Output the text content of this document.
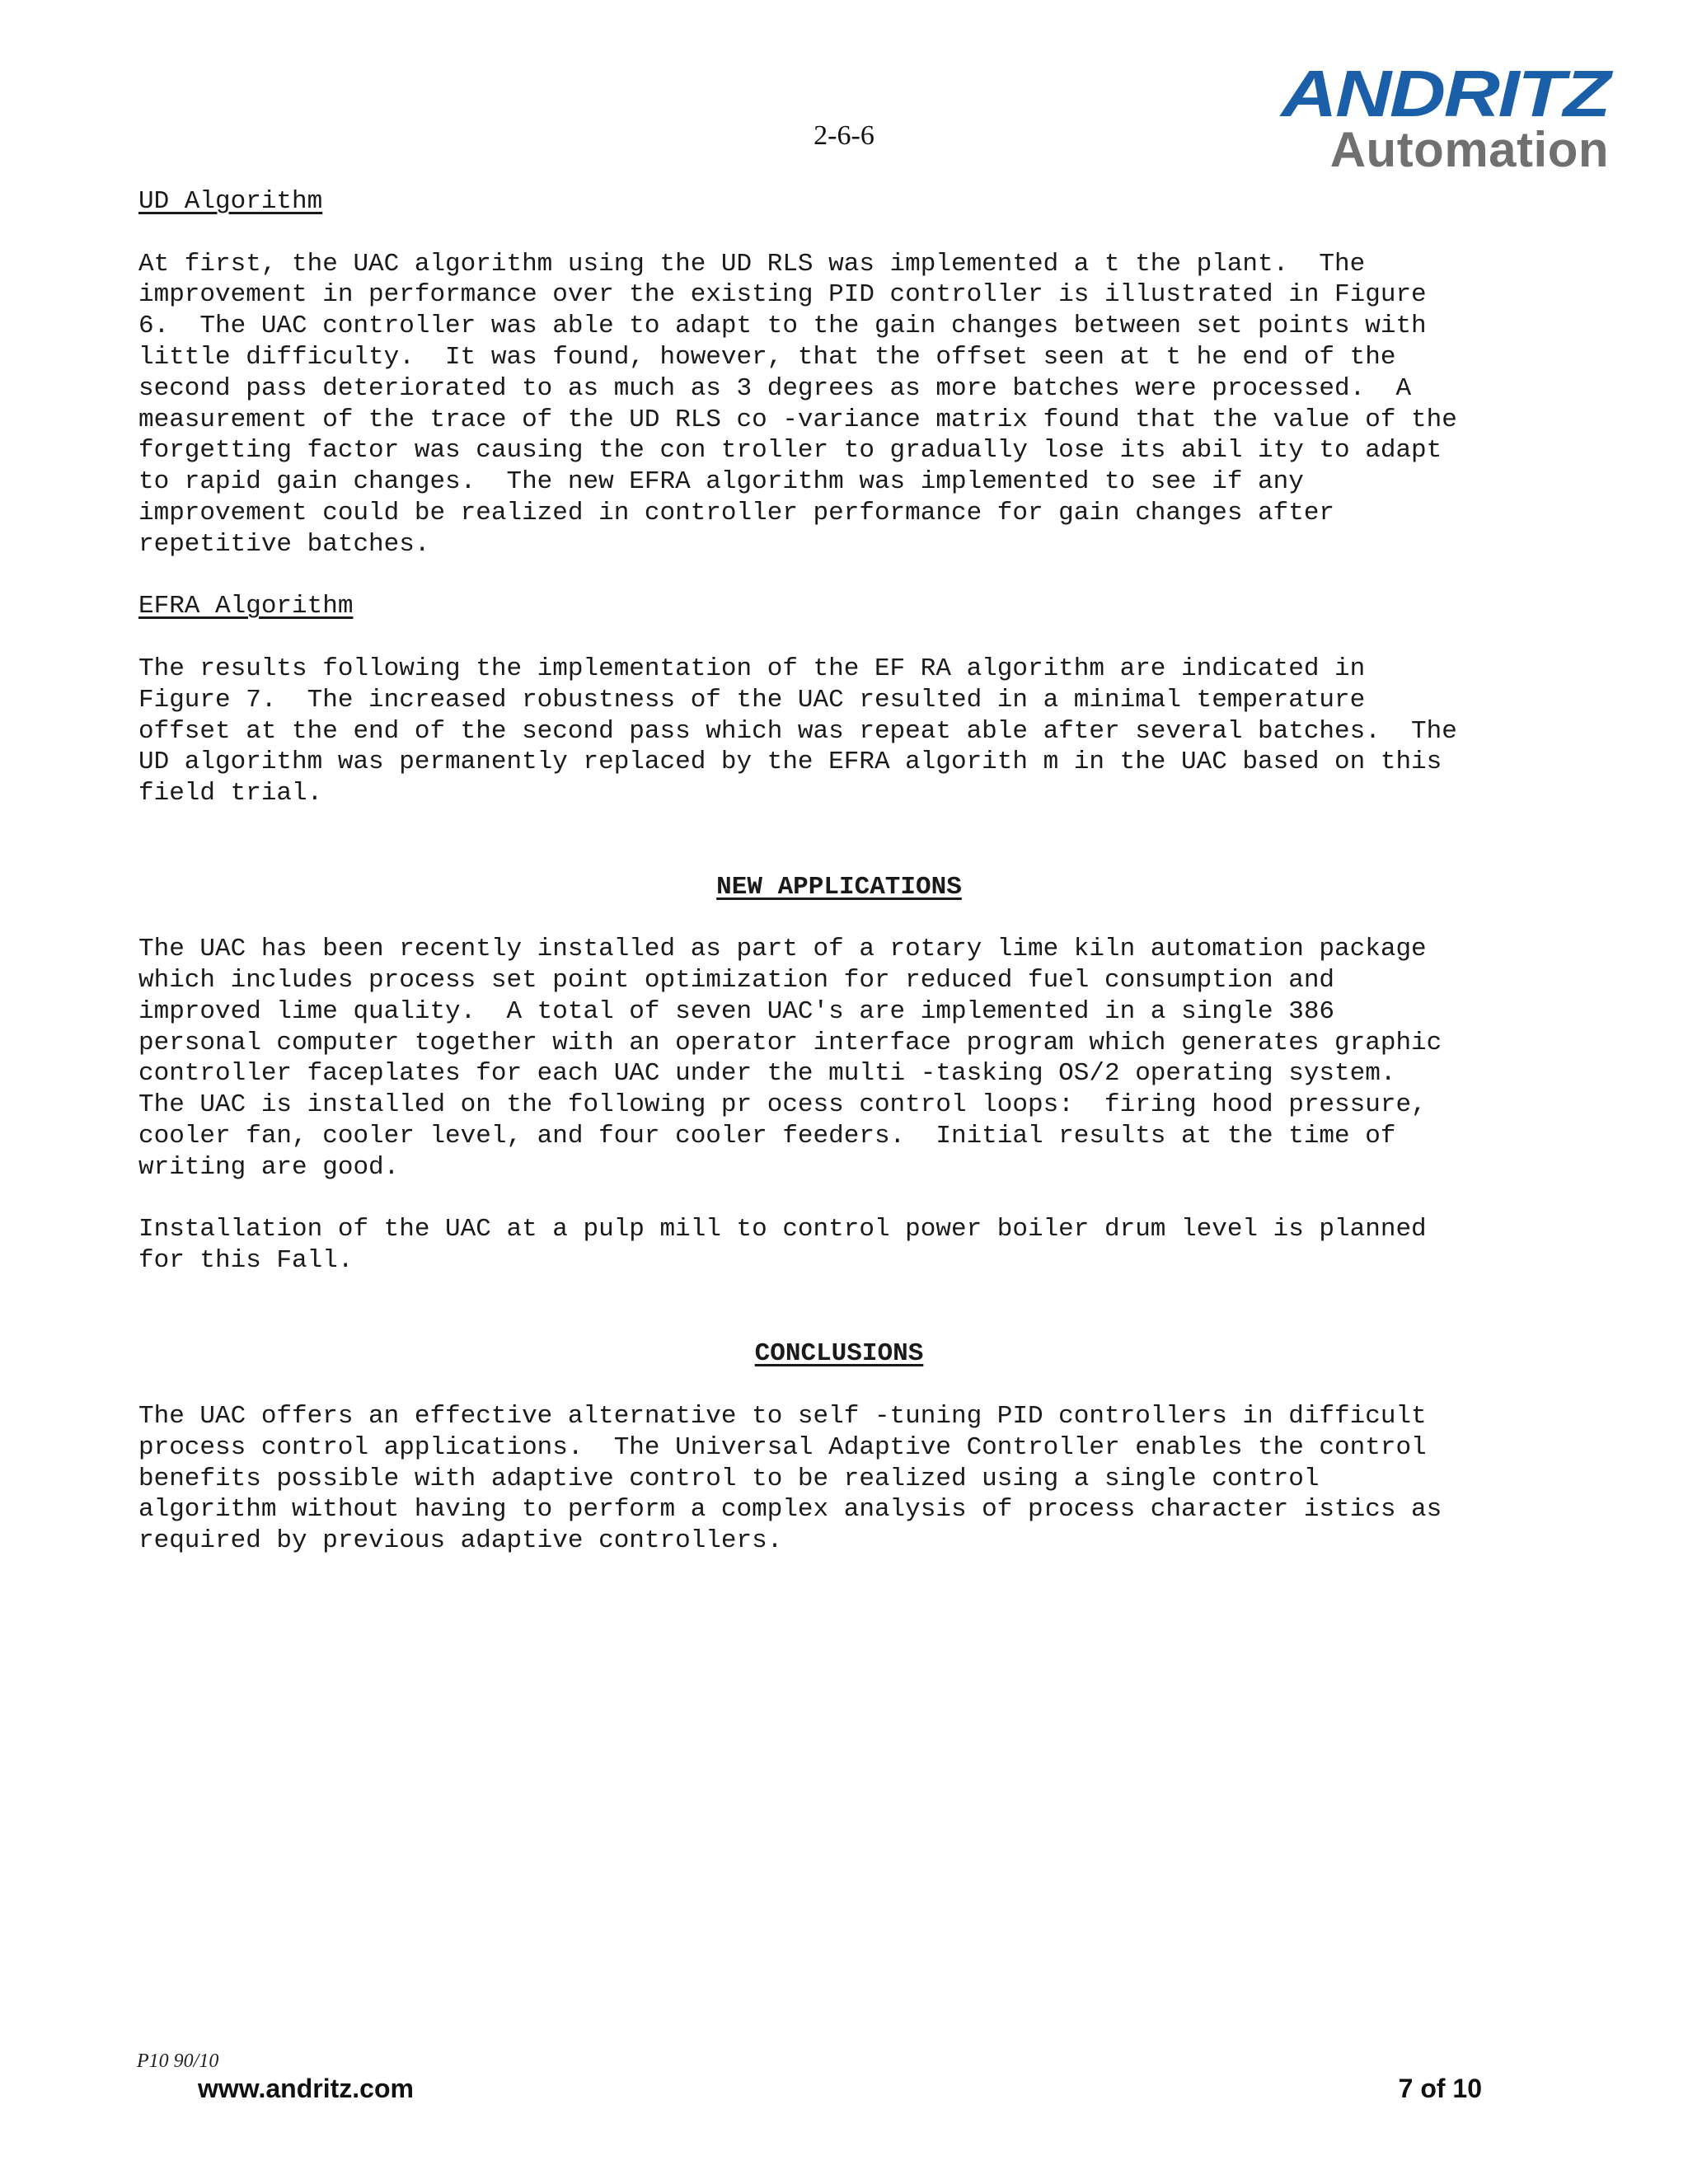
2-6-6
ANDRITZ
Automation
UD Algorithm

At first, the UAC algorithm using the UD RLS was implemented a t the plant.  The

improvement in performance over the existing PID controller is illustrated in Figure

6.  The UAC controller was able to adapt to the gain changes between set points with

little difficulty.  It was found, however, that the offset seen at t he end of the

second pass deteriorated to as much as 3 degrees as more batches were processed.  A

measurement of the trace of the UD RLS co -variance matrix found that the value of the

forgetting factor was causing the con troller to gradually lose its abil ity to adapt

to rapid gain changes.  The new EFRA algorithm was implemented to see if any

improvement could be realized in controller performance for gain changes after

repetitive batches.

EFRA Algorithm

The results following the implementation of the EF RA algorithm are indicated in

Figure 7.  The increased robustness of the UAC resulted in a minimal temperature

offset at the end of the second pass which was repeat able after several batches.  The

UD algorithm was permanently replaced by the EFRA algorith m in the UAC based on this

field trial.

NEW APPLICATIONS

The UAC has been recently installed as part of a rotary lime kiln automation package

which includes process set point optimization for reduced fuel consumption and

improved lime quality.  A total of seven UAC's are implemented in a single 386

personal computer together with an operator interface program which generates graphic

controller faceplates for each UAC under the multi -tasking OS/2 operating system.

The UAC is installed on the following pr ocess control loops:  firing hood pressure,

cooler fan, cooler level, and four cooler feeders.  Initial results at the time of

writing are good.

Installation of the UAC at a pulp mill to control power boiler drum level is planned

for this Fall.

CONCLUSIONS

The UAC offers an effective alternative to self -tuning PID controllers in difficult

process control applications.  The Universal Adaptive Controller enables the control

benefits possible with adaptive control to be realized using a single control

algorithm without having to perform a complex analysis of process character istics as

required by previous adaptive controllers.

P10 90/10
www.andritz.com	7 of 10
